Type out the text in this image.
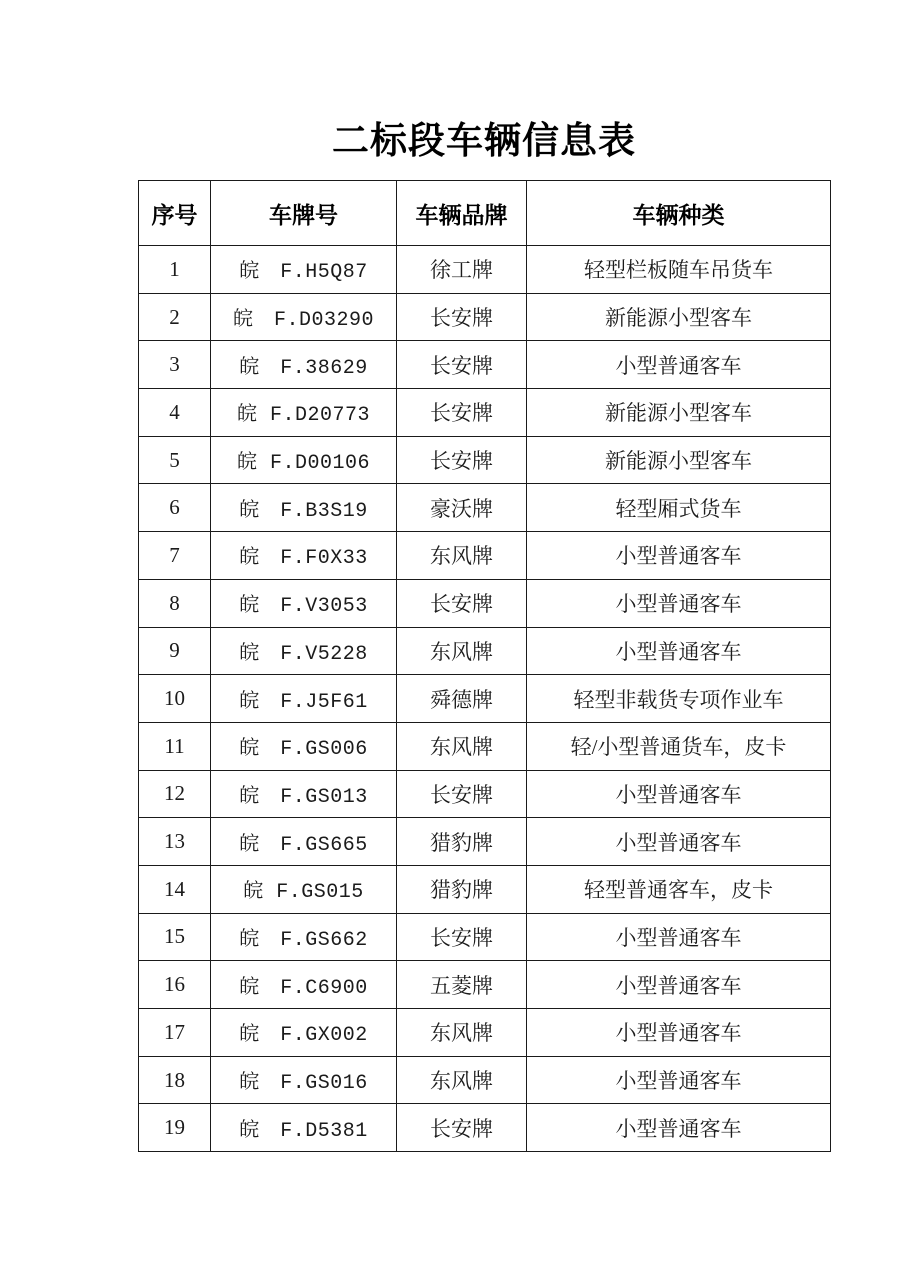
二标段车辆信息表
序号	车牌号	车辆品牌	车辆种类
1	皖　F.H5Q87	徐工牌	轻型栏板随车吊货车
2	皖　F.D03290	长安牌	新能源小型客车
3	皖　F.38629	长安牌	小型普通客车
4	皖 F.D20773	长安牌	新能源小型客车
5	皖 F.D00106	长安牌	新能源小型客车
6	皖　F.B3S19	豪沃牌	轻型厢式货车
7	皖　F.F0X33	东风牌	小型普通客车
8	皖　F.V3053	长安牌	小型普通客车
9	皖　F.V5228	东风牌	小型普通客车
10	皖　F.J5F61	舜德牌	轻型非载货专项作业车
11	皖　F.GS006	东风牌	轻/小型普通货车，皮卡
12	皖　F.GS013	长安牌	小型普通客车
13	皖　F.GS665	猎豹牌	小型普通客车
14	皖 F.GS015	猎豹牌	轻型普通客车，皮卡
15	皖　F.GS662	长安牌	小型普通客车
16	皖　F.C6900	五菱牌	小型普通客车
17	皖　F.GX002	东风牌	小型普通客车
18	皖　F.GS016	东风牌	小型普通客车
19	皖　F.D5381	长安牌	小型普通客车
